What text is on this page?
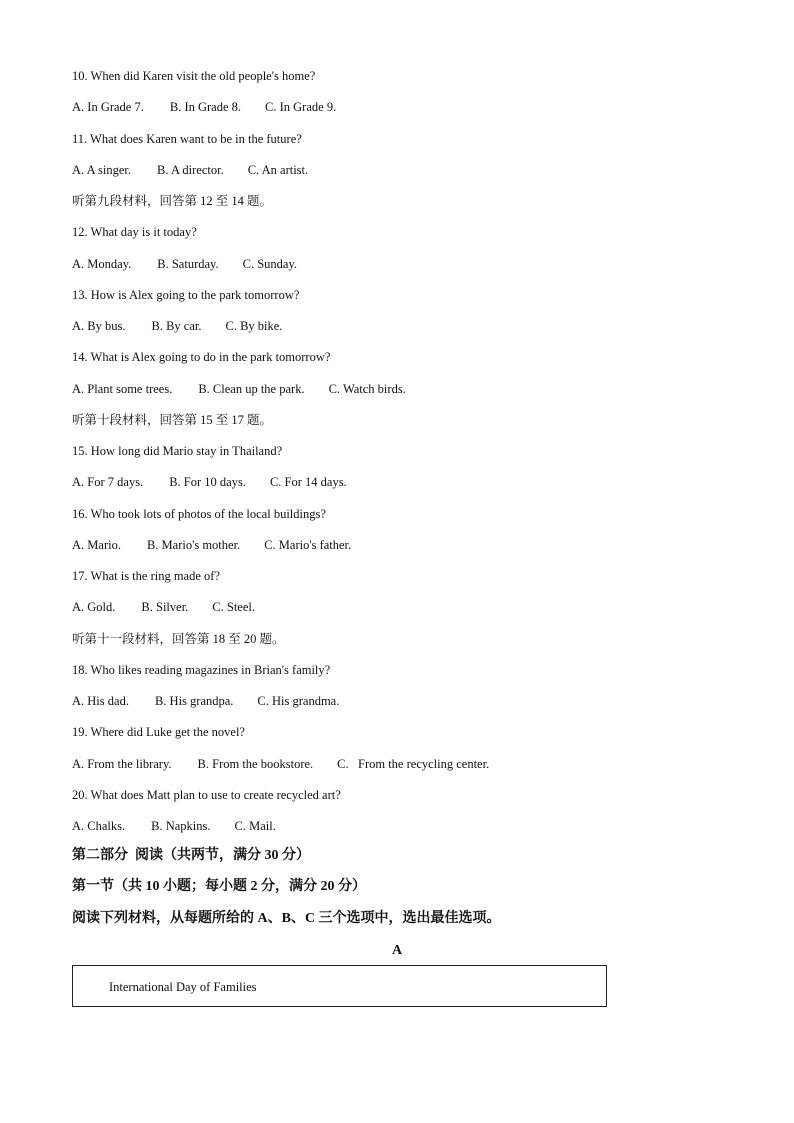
10. When did Karen visit the old people's home?
A. In Grade 7. B. In Grade 8. C. In Grade 9.
11. What does Karen want to be in the future?
A. A singer. B. A director. C. An artist.
听第九段材料，回答第 12 至 14 题。
12. What day is it today?
A. Monday. B. Saturday. C. Sunday.
13. How is Alex going to the park tomorrow?
A. By bus. B. By car. C. By bike.
14. What is Alex going to do in the park tomorrow?
A. Plant some trees. B. Clean up the park. C. Watch birds.
听第十段材料，回答第 15 至 17 题。
15. How long did Mario stay in Thailand?
A. For 7 days. B. For 10 days. C. For 14 days.
16. Who took lots of photos of the local buildings?
A. Mario. B. Mario's mother. C. Mario's father.
17. What is the ring made of?
A. Gold. B. Silver. C. Steel.
听第十一段材料，回答第 18 至 20 题。
18. Who likes reading magazines in Brian's family?
A. His dad. B. His grandpa. C. His grandma.
19. Where did Luke get the novel?
A. From the library. B. From the bookstore. C.   From the recycling center.
20. What does Matt plan to use to create recycled art?
A. Chalks. B. Napkins. C. Mail.
第二部分  阅读（共两节，满分 30 分）
第一节（共 10 小题；每小题 2 分，满分 20 分）
阅读下列材料，从每题所给的 A、B、C 三个选项中，选出最佳选项。
A
International Day of Families
